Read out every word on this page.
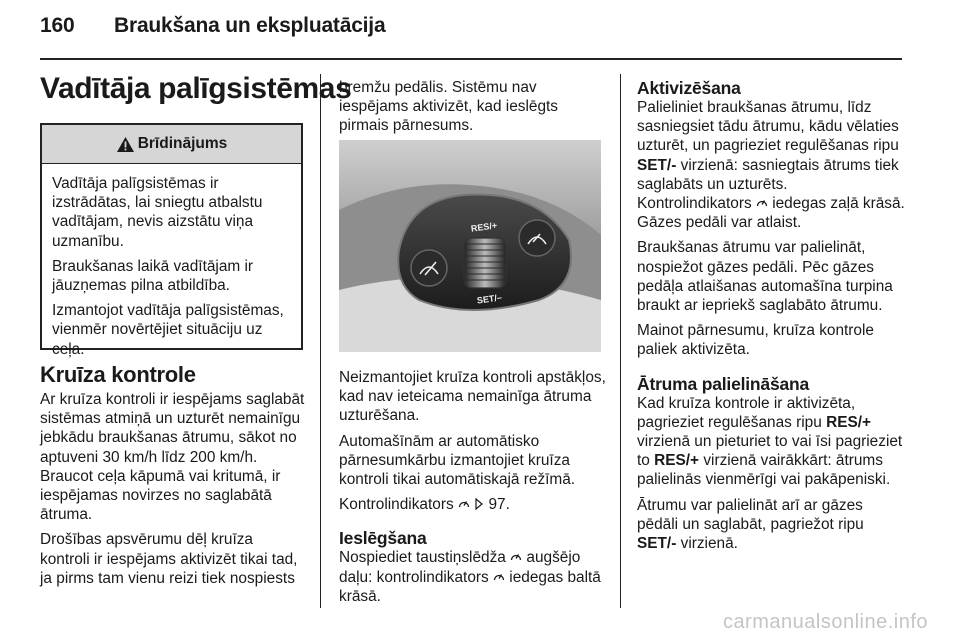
160 Braukšana un ekspluatācija
Vadītāja palīgsistēmas
Brīdinājums

Vadītāja palīgsistēmas ir izstrādātas, lai sniegtu atbalstu vadītājam, nevis aizstātu viņa uzmanību.

Braukšanas laikā vadītājam ir jāuzņemas pilna atbildība.

Izmantojot vadītāja palīgsistēmas, vienmēr novērtējiet situāciju uz ceļa.

Kruīza kontrole

Ar kruīza kontroli ir iespējams saglabāt sistēmas atmiņā un uzturēt nemainīgu jebkādu braukšanas ātrumu, sākot no aptuveni 30 km/h līdz 200 km/h. Braucot ceļa kāpumā vai kritumā, ir iespējamas novirzes no saglabātā ātruma.

Drošības apsvērumu dēļ kruīza kontroli ir iespējams aktivizēt tikai tad, ja pirms tam vienu reizi tiek nospiests

bremžu pedālis. Sistēmu nav iespējams aktivizēt, kad ieslēgts pirmais pārnesums.

RES/+
SET/–

Neizmantojiet kruīza kontroli apstākļos, kad nav ieteicama nemainīga ātruma uzturēšana.

Automašīnām ar automātisko pārnesumkārbu izmantojiet kruīza kontroli tikai automātiskajā režīmā.

Kontrolindikators 97.

Ieslēgšana

Nospiediet taustiņslēdža augšējo daļu: kontrolindikators iedegas baltā krāsā.

Aktivizēšana

Palieliniet braukšanas ātrumu, līdz sasniegsiet tādu ātrumu, kādu vēlaties uzturēt, un pagrieziet regulēšanas ripu SET/- virzienā: sasniegtais ātrums tiek saglabāts un uzturēts. Kontrolindikators iedegas zaļā krāsā. Gāzes pedāli var atlaist.

Braukšanas ātrumu var palielināt, nospiežot gāzes pedāli. Pēc gāzes pedāļa atlaišanas automašīna turpina braukt ar iepriekš saglabāto ātrumu.

Mainot pārnesumu, kruīza kontrole paliek aktivizēta.

Ātruma palielināšana

Kad kruīza kontrole ir aktivizēta, pagrieziet regulēšanas ripu RES/+ virzienā un pieturiet to vai īsi pagrieziet to RES/+ virzienā vairākkārt: ātrums palielinās vienmērīgi vai pakāpeniski.

Ātrumu var palielināt arī ar gāzes pēdāli un saglabāt, pagriežot ripu SET/- virzienā.

carmanualsonline.info
